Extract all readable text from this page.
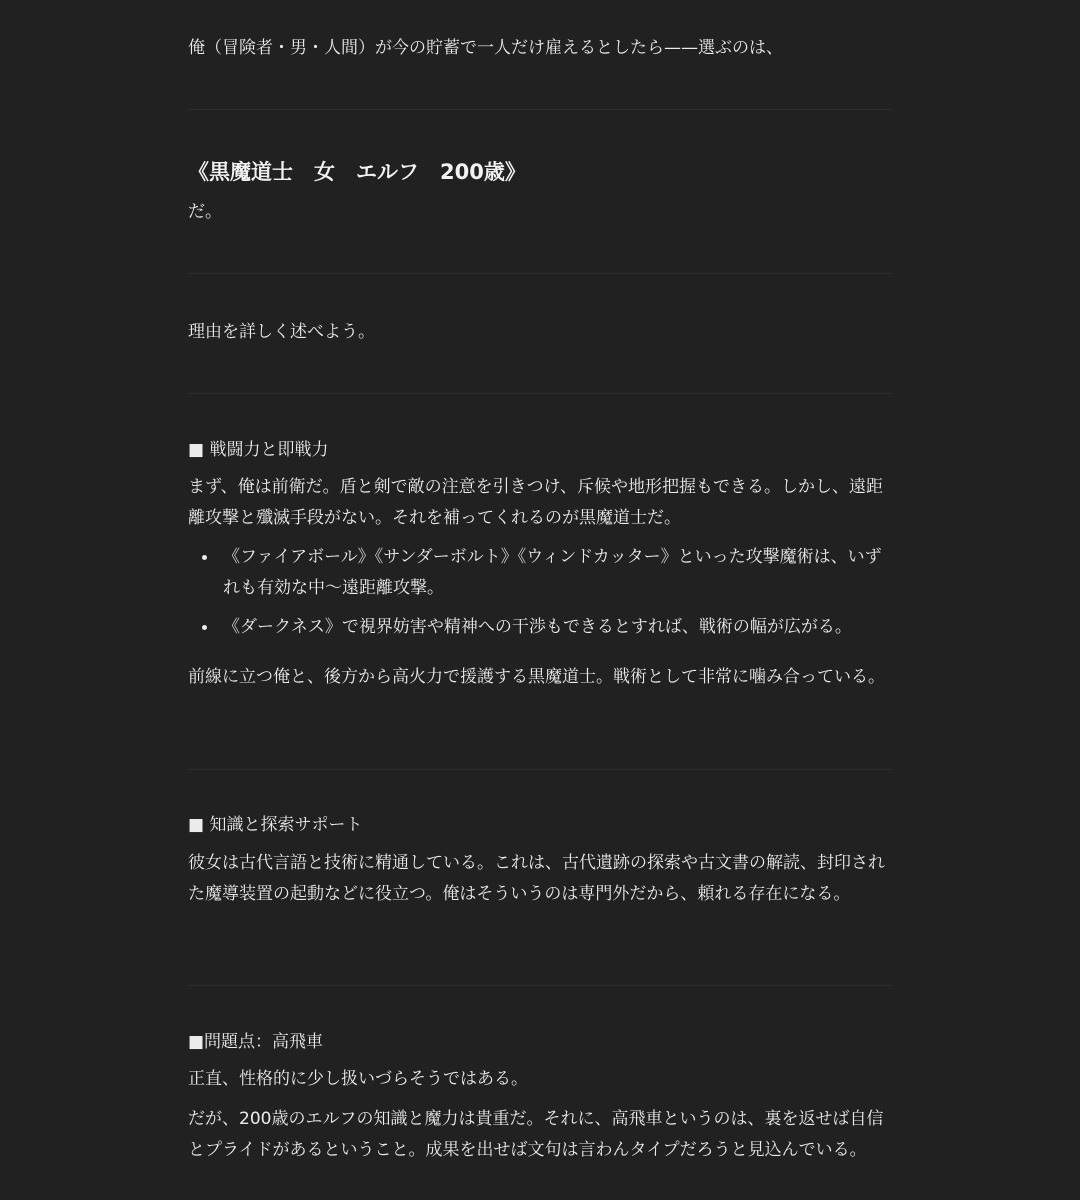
俺（冒険者・男・人間）が今の貯蓄で一人だけ雇えるとしたら——選ぶのは、

《黒魔道士　女　エルフ　200歳》

だ。

理由を詳しく述べよう。

■ 戦闘力と即戦力

まず、俺は前衛だ。盾と剣で敵の注意を引きつけ、斥候や地形把握もできる。しかし、遠距離攻撃と殲滅手段がない。それを補ってくれるのが黒魔道士だ。

《ファイアボール》《サンダーボルト》《ウィンドカッター》といった攻撃魔術は、いずれも有効な中〜遠距離攻撃。
《ダークネス》で視界妨害や精神への干渉もできるとすれば、戦術の幅が広がる。

前線に立つ俺と、後方から高火力で援護する黒魔道士。戦術として非常に噛み合っている。

■ 知識と探索サポート

彼女は古代言語と技術に精通している。これは、古代遺跡の探索や古文書の解読、封印された魔導装置の起動などに役立つ。俺はそういうのは専門外だから、頼れる存在になる。

■問題点：高飛車

正直、性格的に少し扱いづらそうではある。

だが、200歳のエルフの知識と魔力は貴重だ。それに、高飛車というのは、裏を返せば自信とプライドがあるということ。成果を出せば文句は言わんタイプだろうと見込んでいる。
